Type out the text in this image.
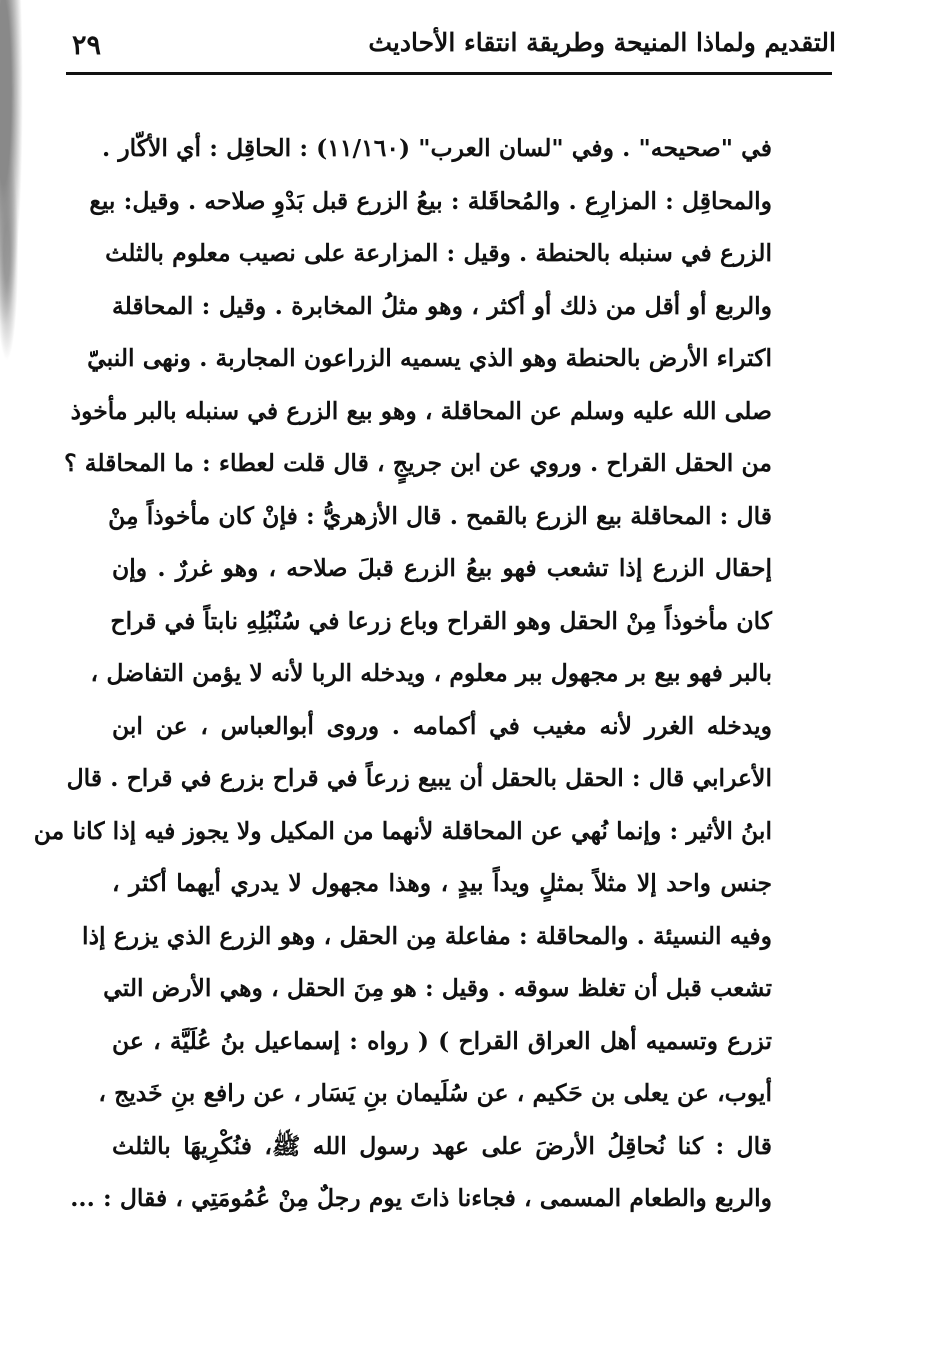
٢٩	التقديم ولماذا المنيحة وطريقة انتقاء الأحاديث
في "صحيحه" . وفي "لسان العرب" (١١/١٦٠) : الحاقِل : أي الأكّار .
والمحاقِل : المزارِع . والمُحاقَلة : بيعُ الزرع قبل بَدْوِ صلاحه . وقيل: بيع
الزرع في سنبله بالحنطة . وقيل : المزارعة على نصيب معلوم بالثلث
والربع أو أقل من ذلك أو أكثر ، وهو مثلُ المخابرة . وقيل : المحاقلة
اكتراء الأرض بالحنطة وهو الذي يسميه الزراعون المجاربة . ونهى النبيّ
صلى الله عليه وسلم عن المحاقلة ، وهو بيع الزرع في سنبله بالبر مأخوذ
من الحقل القراح . وروي عن ابن جريجٍ ، قال قلت لعطاء : ما المحاقلة ؟
قال : المحاقلة بيع الزرع بالقمح . قال الأزهريُّ : فإنْ كان مأخوذاً مِنْ
إحقال الزرع إذا تشعب فهو بيعُ الزرع قبلَ صلاحه ، وهو غررٌ . وإن
كان مأخوذاً مِنْ الحقل وهو القراح وباع زرعا في سُنْبُلِهِ نابتاً في قراح
بالبر فهو بيع بر مجهول ببر معلوم ، ويدخله الربا لأنه لا يؤمن التفاضل ،
ويدخله الغرر لأنه مغيب في أكمامه . وروى أبوالعباس ، عن ابن
الأعرابي قال : الحقل بالحقل أن يبيع زرعاً في قراح بزرع في قراح . قال
ابنُ الأثير : وإنما نُهي عن المحاقلة لأنهما من المكيل ولا يجوز فيه إذا كانا من
جنس واحد إلا مثلاً بمثلٍ ويداً بيدٍ ، وهذا مجهول لا يدري أيهما أكثر ،
وفيه النسيئة . والمحاقلة : مفاعلة مِن الحقل ، وهو الزرع الذي يزرع إذا
تشعب قبل أن تغلظ سوقه . وقيل : هو مِنَ الحقل ، وهي الأرض التي
تزرع وتسميه أهل العراق القراح ) ( رواه : إسماعيل بنُ عُلَيَّة ، عن
أيوب، عن يعلى بن حَكيم ، عن سُلَيمان بنِ يَسَار ، عن رافع بنِ خَديج ،
قال : كنا نُحاقِلُ الأرضَ على عهد رسول الله ﷺ، فنُكْرِيهَا بالثلث
والربع والطعام المسمى ، فجاءنا ذاتَ يوم رجلٌ مِنْ عُمُومَتِي ، فقال : ...
